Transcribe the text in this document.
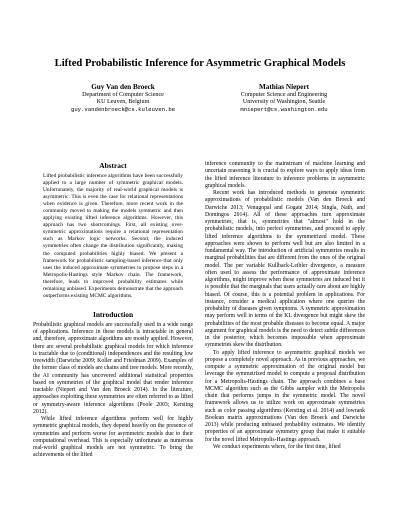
Lifted Probabilistic Inference for Asymmetric Graphical Models
Guy Van den Broeck
Department of Computer Science
KU Leuven, Belgium
guy.vandenbroeck@cs.kuleuven.be
Mathias Niepert
Computer Science and Engineering
University of Washington, Seattle
mniepert@cs.washington.edu
Abstract
Lifted probabilistic inference algorithms have been successfully applied to a large number of symmetric graphical models. Unfortunately, the majority of real-world graphical models is asymmetric. This is even the case for relational representations when evidence is given. Therefore, more recent work in the community moved to making the models symmetric and then applying existing lifted inference algorithms. However, this approach has two shortcomings. First, all existing over-symmetric approximations require a relational representation such as Markov logic networks. Second, the induced symmetries often change the distribution significantly, making the computed probabilities highly biased. We present a framework for probabilistic sampling-based inference that only uses the induced approximate symmetries to propose steps in a Metropolis-Hastings style Markov chain. The framework, therefore, leads to improved probability estimates while remaining unbiased. Experiments demonstrate that the approach outperforms existing MCMC algorithms.
Introduction

Probabilistic graphical models are successfully used in a wide range of applications. Inference in these models is intractable in general and, therefore, approximate algorithms are mostly applied. However, there are several probabilistic graphical models for which inference is tractable due to (conditional) independences and the resulting low treewidth (Darwiche 2009; Koller and Friedman 2009). Examples of the former class of models are chains and tree models. More recently, the AI community has uncovered additional statistical properties based on symmetries of the graphical model that render inference tractable (Niepert and Van den Broeck 2014). In the literature, approaches exploiting these symmetries are often referred to as lifted or symmetry-aware inference algorithms (Poole 2003; Kersting 2012).

While lifted inference algorithms perform well for highly symmetric graphical models, they depend heavily on the presence of symmetries and perform worse for asymmetric models due to their computational overhead. This is especially unfortunate as numerous real-world graphical models are not symmetric. To bring the achievements of the lifted

inference community to the mainstream of machine learning and uncertain reasoning it is crucial to explore ways to apply ideas from the lifted inference literature to inference problems in asymmetric graphical models.

Recent work has introduced methods to generate symmetric approximations of probabilistic models (Van den Broeck and Darwiche 2013; Venugopal and Gogate 2014; Singla, Nath, and Domingos 2014). All of these approaches turn approximate symmetries, that is, symmetries that "almost" hold in the probabilistic models, into perfect symmetries, and proceed to apply lifted inference algorithms to the symmetrized model. These approaches were shown to perform well but are also limited in a fundamental way. The introduction of artificial symmetries results in marginal probabilities that are different from the ones of the original model. The per variable Kullback-Leibler divergence, a measure often used to assess the performance of approximate inference algorithms, might improve when these symmetries are induced but it is possible that the marginals that users actually care about are highly biased. Of course, this is a potential problem in applications. For instance, consider a medical application where one queries the probability of diseases given symptoms. A symmetric approximation may perform well in terms of the KL divergence but might skew the probabilities of the most probable diseases to become equal. A major argument for graphical models is the need to detect subtle differences in the posterior, which becomes impossible when approximate symmetries skew the distribution.

To apply lifted inference to asymmetric graphical models we propose a completely novel approach. As in previous approaches, we compute a symmetric approximation of the original model but leverage the symmetrized model to compute a proposal distribution for a Metropolis-Hastings chain. The approach combines a base MCMC algorithm such as the Gibbs sampler with the Metropolis chain that performs jumps in the symmetric model. The novel framework allows us to utilize work on approximate symmetries such as color passing algorithms (Kersting et al. 2014) and lowrank Boolean matrix approximations (Van den Broeck and Darwiche 2013) while producing unbiased probability estimates. We identify properties of an approximate symmetry group that make it suitable for the novel lifted Metropolis-Hastings approach.

We conduct experiments where, for the first time, lifted
